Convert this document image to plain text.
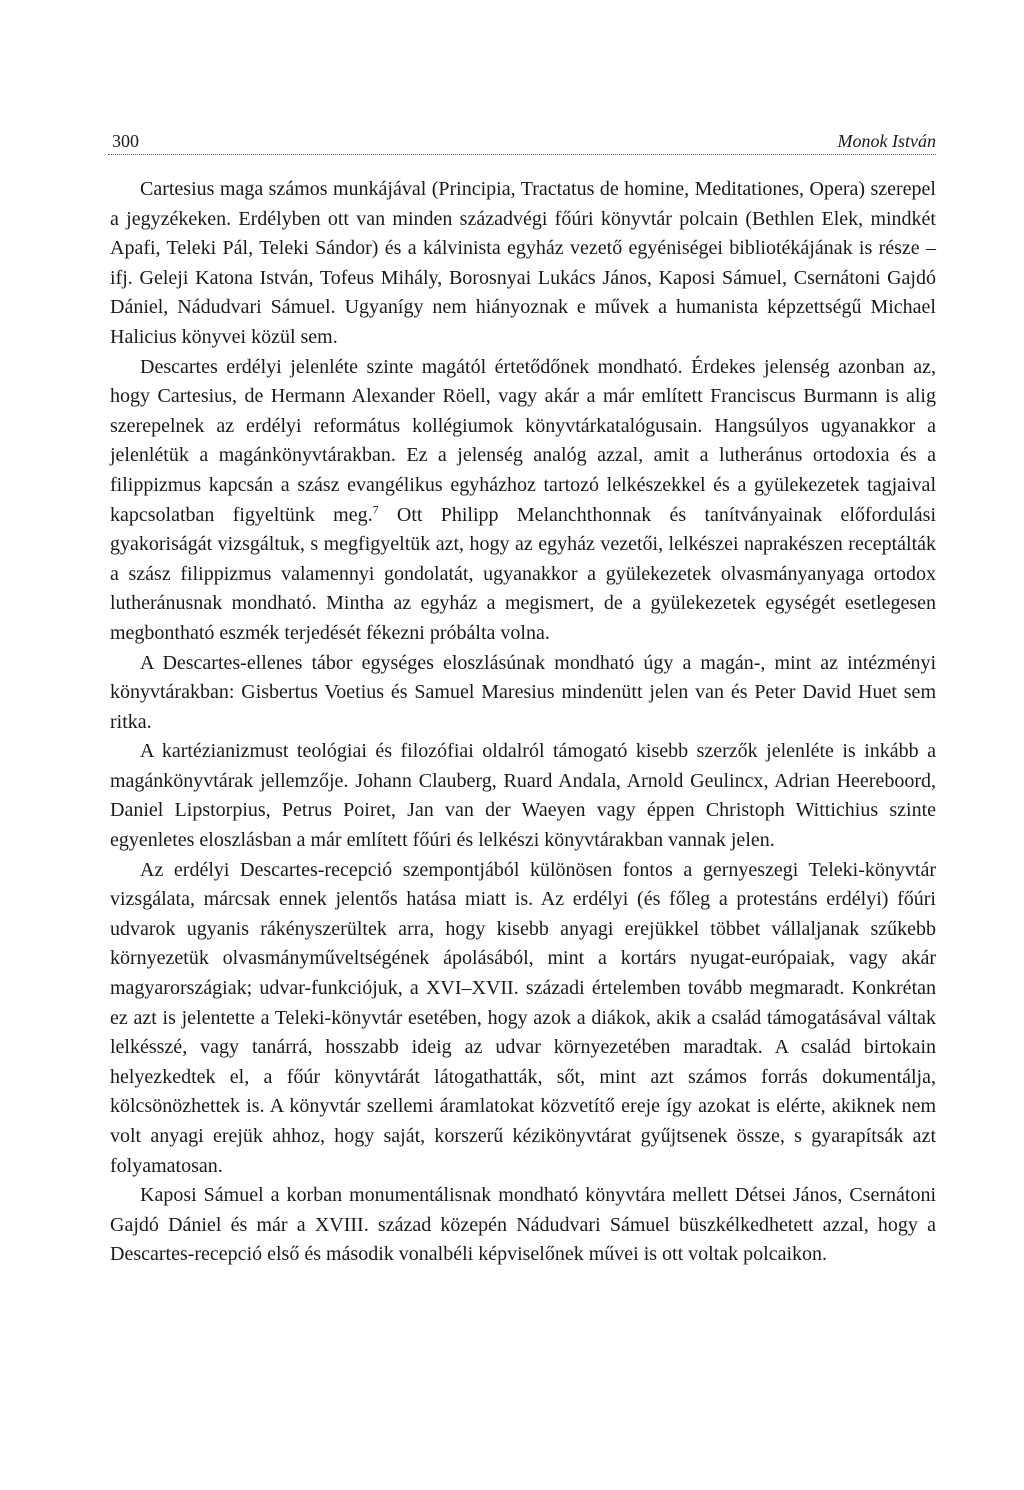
300	Monok István

Cartesius maga számos munkájával (Principia, Tractatus de homine, Meditationes, Opera) szerepel a jegyzékeken. Erdélyben ott van minden századvégi főúri könyvtár polcain (Bethlen Elek, mindkét Apafi, Teleki Pál, Teleki Sándor) és a kálvinista egyház vezető egyéniségei bibliotékájának is része – ifj. Geleji Katona István, Tofeus Mihály, Borosnyai Lukács János, Kaposi Sámuel, Csernátoni Gajdó Dániel, Nádudvari Sámuel. Ugyanígy nem hiányoznak e művek a humanista képzettségű Michael Halicius könyvei közül sem.

Descartes erdélyi jelenléte szinte magától értetődőnek mondható. Érdekes jelenség azonban az, hogy Cartesius, de Hermann Alexander Röell, vagy akár a már említett Franciscus Burmann is alig szerepelnek az erdélyi református kollégiumok könyvtárkatalógusain. Hangsúlyos ugyanakkor a jelenlétük a magánkönyvtárakban. Ez a jelenség analóg azzal, amit a lutheránus ortodoxia és a filippizmus kapcsán a szász evangélikus egyházhoz tartozó lelkészekkel és a gyülekezetek tagjaival kapcsolatban figyeltünk meg.$^7$ Ott Philipp Melanchthonnak és tanítványainak előfordulási gyakoriságát vizsgáltuk, s megfigyeltük azt, hogy az egyház vezetői, lelkészei naprakészen receptálták a szász filippizmus valamennyi gondolatát, ugyanakkor a gyülekezetek olvasmányanyaga ortodox lutheránusnak mondható. Mintha az egyház a megismert, de a gyülekezetek egységét esetlegesen megbontható eszmék terjedését fékezni próbálta volna.

A Descartes-ellenes tábor egységes eloszlásúnak mondható úgy a magán-, mint az intézményi könyvtárakban: Gisbertus Voetius és Samuel Maresius mindenütt jelen van és Peter David Huet sem ritka.

A kartézianizmust teológiai és filozófiai oldalról támogató kisebb szerzők jelenléte is inkább a magánkönyvtárak jellemzője. Johann Clauberg, Ruard Andala, Arnold Geulincx, Adrian Heereboord, Daniel Lipstorpius, Petrus Poiret, Jan van der Waeyen vagy éppen Christoph Wittichius szinte egyenletes eloszlásban a már említett főúri és lelkészi könyvtárakban vannak jelen.

Az erdélyi Descartes-recepció szempontjából különösen fontos a gernyeszegi Teleki-könyvtár vizsgálata, márcsak ennek jelentős hatása miatt is. Az erdélyi (és főleg a protestáns erdélyi) főúri udvarok ugyanis rákényszerültek arra, hogy kisebb anyagi erejükkel többet vállaljanak szűkebb környezetük olvasmányműveltségének ápolásából, mint a kortárs nyugat-európaiak, vagy akár magyarországiak; udvar-funkciójuk, a XVI–XVII. századi értelemben tovább megmaradt. Konkrétan ez azt is jelentette a Teleki-könyvtár esetében, hogy azok a diákok, akik a család támogatásával váltak lelkésszé, vagy tanárrá, hosszabb ideig az udvar környezetében maradtak. A család birtokain helyezkedtek el, a főúr könyvtárát látogathatták, sőt, mint azt számos forrás dokumentálja, kölcsönözhettek is. A könyvtár szellemi áramlatokat közvetítő ereje így azokat is elérte, akiknek nem volt anyagi erejük ahhoz, hogy saját, korszerű kézikönyvtárat gyűjtsenek össze, s gyarapítsák azt folyamatosan.

Kaposi Sámuel a korban monumentálisnak mondható könyvtára mellett Détsei János, Csernátoni Gajdó Dániel és már a XVIII. század közepén Nádudvari Sámuel büszkélkedhetett azzal, hogy a Descartes-recepció első és második vonalbéli képviselőnek művei is ott voltak polcaikon.
